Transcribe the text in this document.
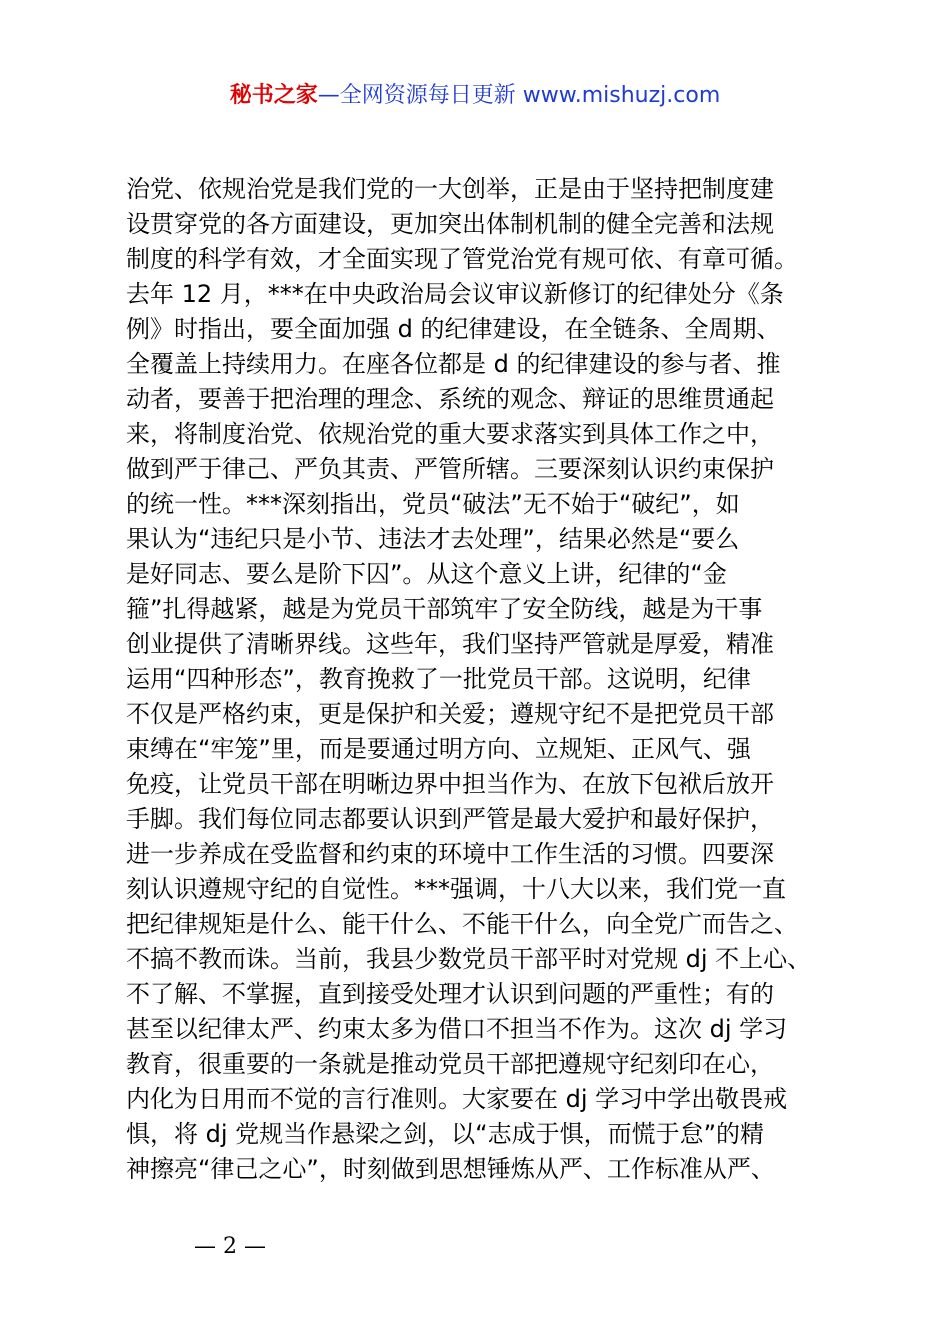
秘书之家—全网资源每日更新 www.mishuzj.com
治党、依规治党是我们党的一大创举，正是由于坚持把制度建
设贯穿党的各方面建设，更加突出体制机制的健全完善和法规
制度的科学有效，才全面实现了管党治党有规可依、有章可循。
去年 12 月，***在中央政治局会议审议新修订的纪律处分《条
例》时指出，要全面加强 d 的纪律建设，在全链条、全周期、
全覆盖上持续用力。在座各位都是 d 的纪律建设的参与者、推
动者，要善于把治理的理念、系统的观念、辩证的思维贯通起
来，将制度治党、依规治党的重大要求落实到具体工作之中，
做到严于律己、严负其责、严管所辖。三要深刻认识约束保护
的统一性。***深刻指出，党员“破法”无不始于“破纪”，如
果认为“违纪只是小节、违法才去处理”，结果必然是“要么
是好同志、要么是阶下囚”。从这个意义上讲，纪律的“金
箍”扎得越紧，越是为党员干部筑牢了安全防线，越是为干事
创业提供了清晰界线。这些年，我们坚持严管就是厚爱，精准
运用“四种形态”，教育挽救了一批党员干部。这说明，纪律
不仅是严格约束，更是保护和关爱；遵规守纪不是把党员干部
束缚在“牢笼”里，而是要通过明方向、立规矩、正风气、强
免疫，让党员干部在明晰边界中担当作为、在放下包袱后放开
手脚。我们每位同志都要认识到严管是最大爱护和最好保护，
进一步养成在受监督和约束的环境中工作生活的习惯。四要深
刻认识遵规守纪的自觉性。***强调，十八大以来，我们党一直
把纪律规矩是什么、能干什么、不能干什么，向全党广而告之、
不搞不教而诛。当前，我县少数党员干部平时对党规 dj 不上心、
不了解、不掌握，直到接受处理才认识到问题的严重性；有的
甚至以纪律太严、约束太多为借口不担当不作为。这次 dj 学习
教育，很重要的一条就是推动党员干部把遵规守纪刻印在心，
内化为日用而不觉的言行准则。大家要在 dj 学习中学出敬畏戒
惧，将 dj 党规当作悬梁之剑，以“志成于惧，而慌于怠”的精
神擦亮“律己之心”，时刻做到思想锤炼从严、工作标准从严、
— 2 —
